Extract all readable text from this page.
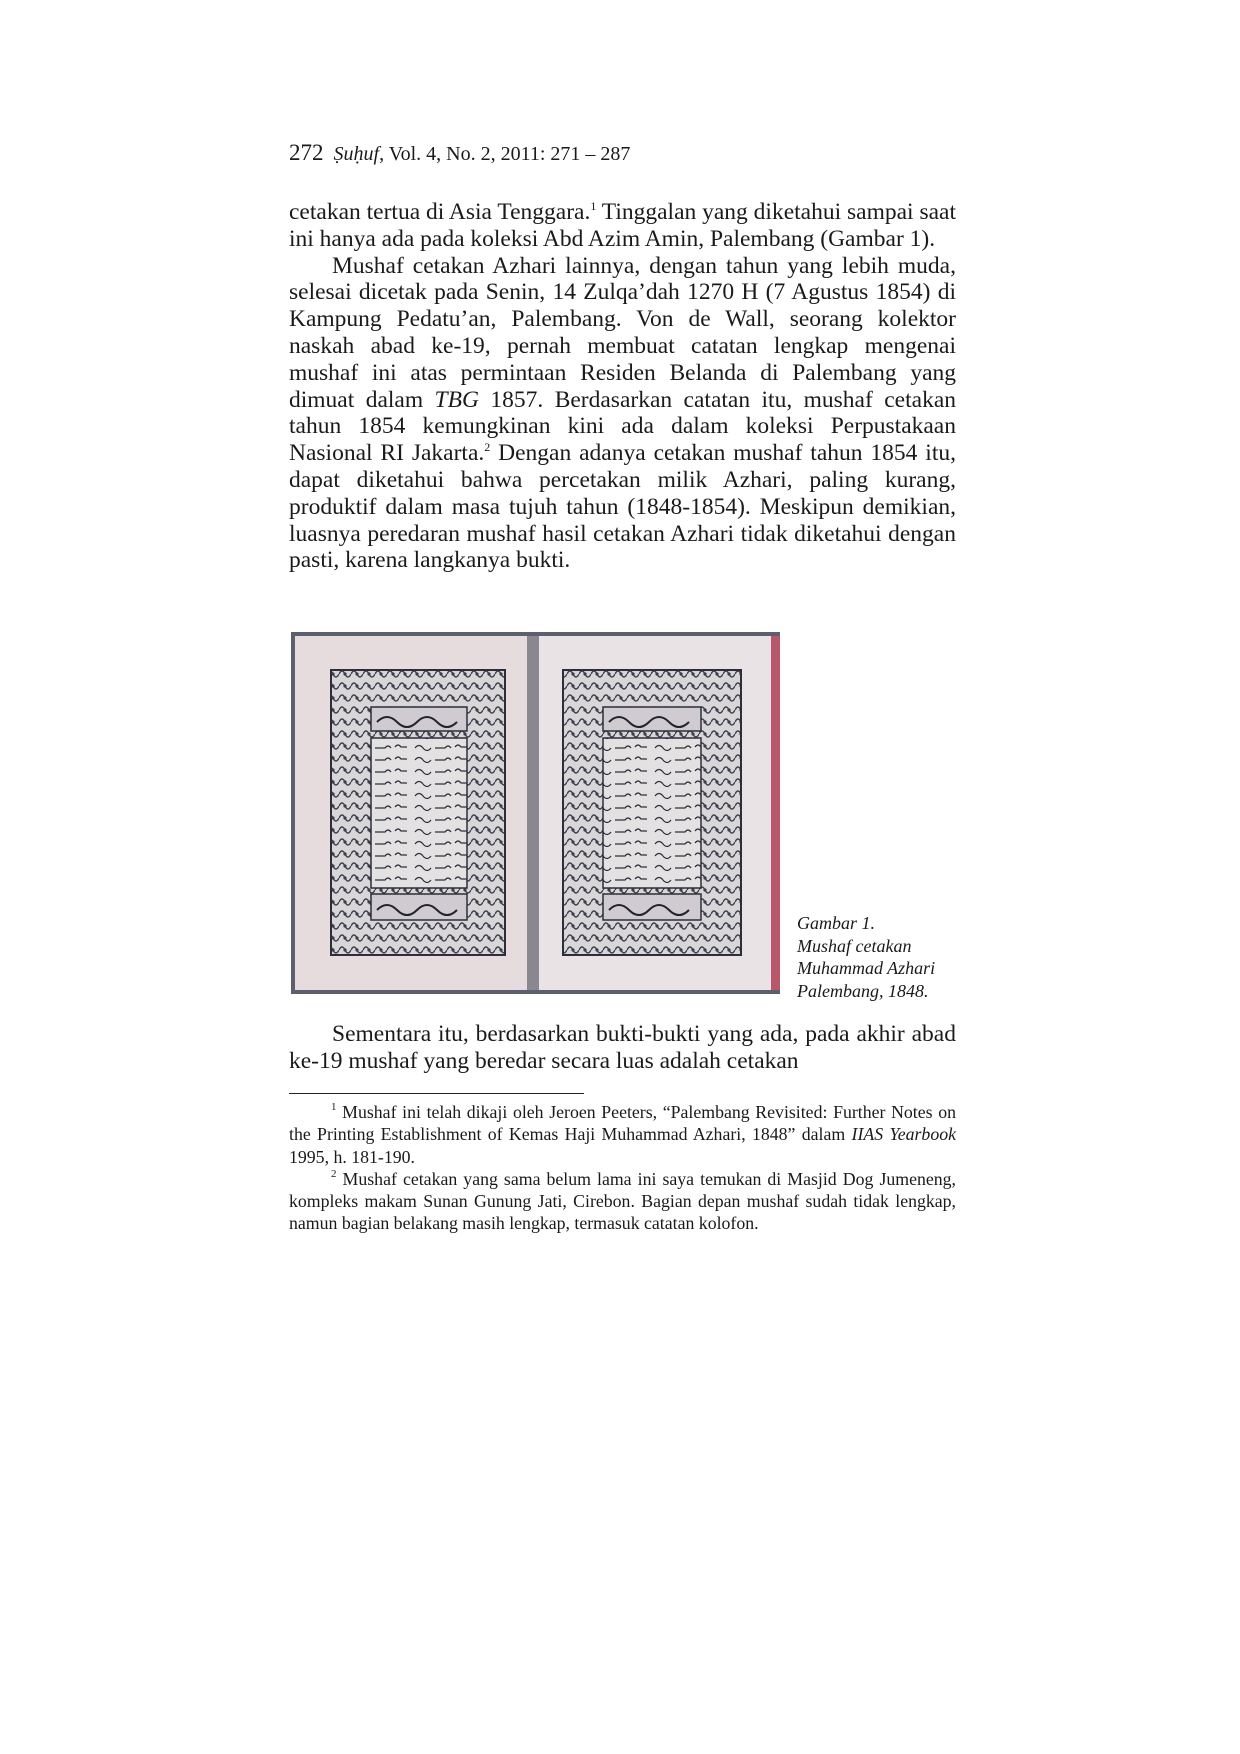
272 Ṣuḥuf, Vol. 4, No. 2, 2011: 271 – 287

cetakan tertua di Asia Tenggara.$^1$ Tinggalan yang diketahui sampai saat ini hanya ada pada koleksi Abd Azim Amin, Palembang (Gambar 1).

Mushaf cetakan Azhari lainnya, dengan tahun yang lebih muda, selesai dicetak pada Senin, 14 Zulqa’dah 1270 H (7 Agustus 1854) di Kampung Pedatu’an, Palembang. Von de Wall, seorang kolektor naskah abad ke-19, pernah membuat catatan lengkap mengenai mushaf ini atas permintaan Residen Belanda di Palembang yang dimuat dalam TBG 1857. Berdasarkan catatan itu, mushaf cetakan tahun 1854 kemungkinan kini ada dalam koleksi Perpustakaan Nasional RI Jakarta.$^2$ Dengan adanya cetakan mushaf tahun 1854 itu, dapat diketahui bahwa percetakan milik Azhari, paling kurang, produktif dalam masa tujuh tahun (1848-1854). Meskipun demikian, luasnya peredaran mushaf hasil cetakan Azhari tidak diketahui dengan pasti, karena langkanya bukti.

Gambar 1.
Mushaf cetakan
Muhammad Azhari
Palembang, 1848.

Sementara itu, berdasarkan bukti-bukti yang ada, pada akhir abad ke-19 mushaf yang beredar secara luas adalah cetakan

$^1$ Mushaf ini telah dikaji oleh Jeroen Peeters, “Palembang Revisited: Further Notes on the Printing Establishment of Kemas Haji Muhammad Azhari, 1848” dalam IIAS Yearbook 1995, h. 181-190.

$^2$ Mushaf cetakan yang sama belum lama ini saya temukan di Masjid Dog Jumeneng, kompleks makam Sunan Gunung Jati, Cirebon. Bagian depan mushaf sudah tidak lengkap, namun bagian belakang masih lengkap, termasuk catatan kolofon.
